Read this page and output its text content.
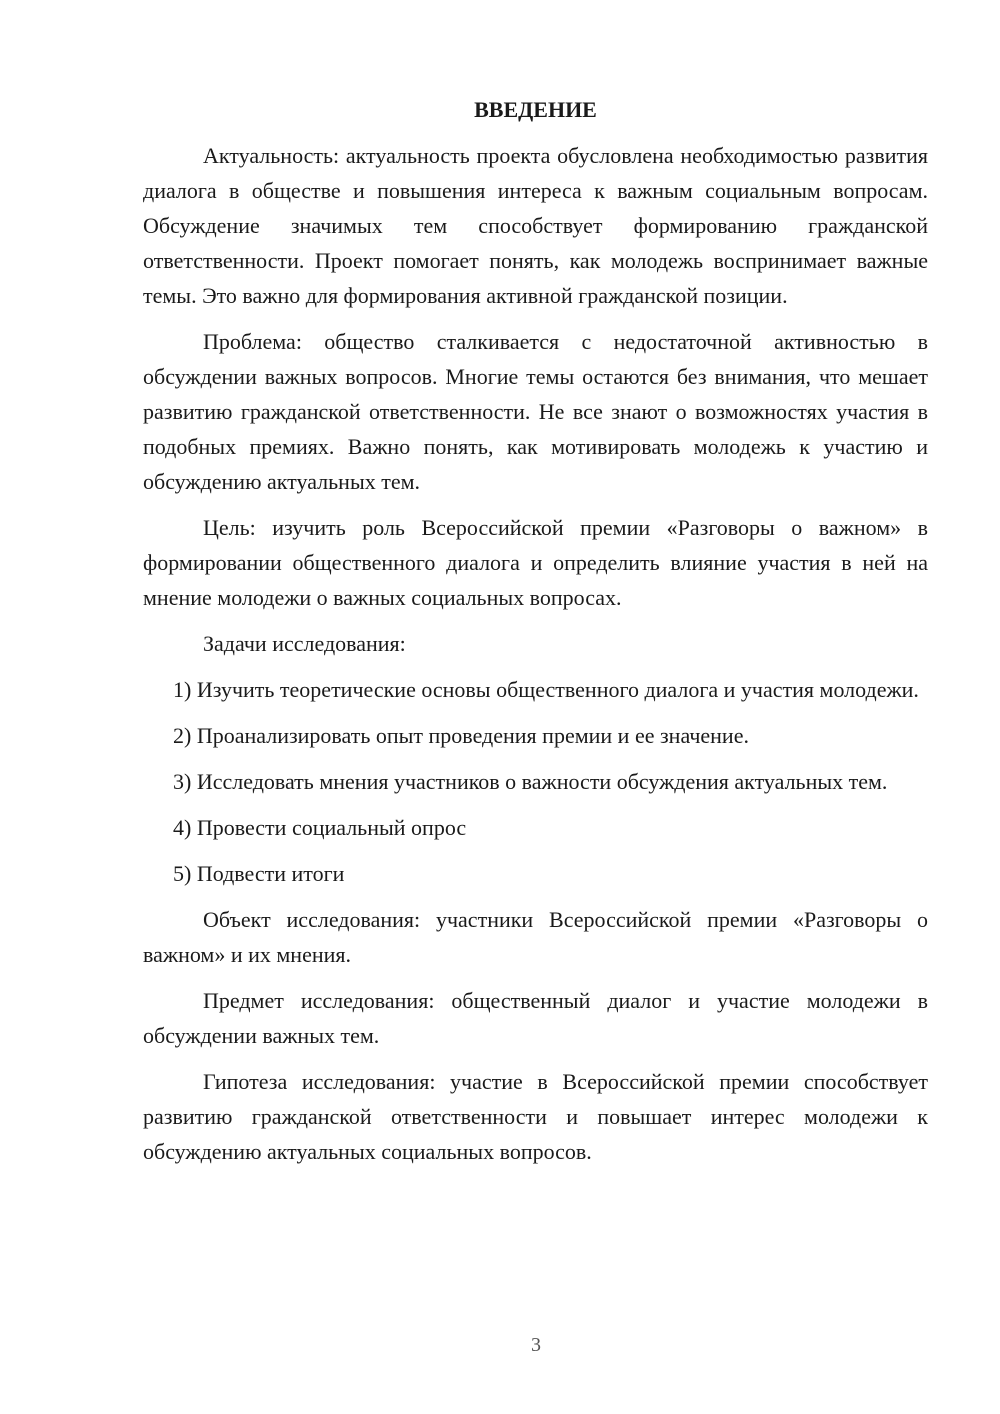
ВВЕДЕНИЕ

Актуальность: актуальность проекта обусловлена необходимостью развития диалога в обществе и повышения интереса к важным социальным вопросам. Обсуждение значимых тем способствует формированию гражданской ответственности. Проект помогает понять, как молодежь воспринимает важные темы. Это важно для формирования активной гражданской позиции.

Проблема: общество сталкивается с недостаточной активностью в обсуждении важных вопросов. Многие темы остаются без внимания, что мешает развитию гражданской ответственности. Не все знают о возможностях участия в подобных премиях. Важно понять, как мотивировать молодежь к участию и обсуждению актуальных тем.

Цель: изучить роль Всероссийской премии «Разговоры о важном» в формировании общественного диалога и определить влияние участия в ней на мнение молодежи о важных социальных вопросах.

Задачи исследования:

1) Изучить теоретические основы общественного диалога и участия молодежи.

2) Проанализировать опыт проведения премии и ее значение.

3) Исследовать мнения участников о важности обсуждения актуальных тем.

4) Провести социальный опрос

5) Подвести итоги

Объект исследования: участники Всероссийской премии «Разговоры о важном» и их мнения.

Предмет исследования: общественный диалог и участие молодежи в обсуждении важных тем.

Гипотеза исследования: участие в Всероссийской премии способствует развитию гражданской ответственности и повышает интерес молодежи к обсуждению актуальных социальных вопросов.

3
